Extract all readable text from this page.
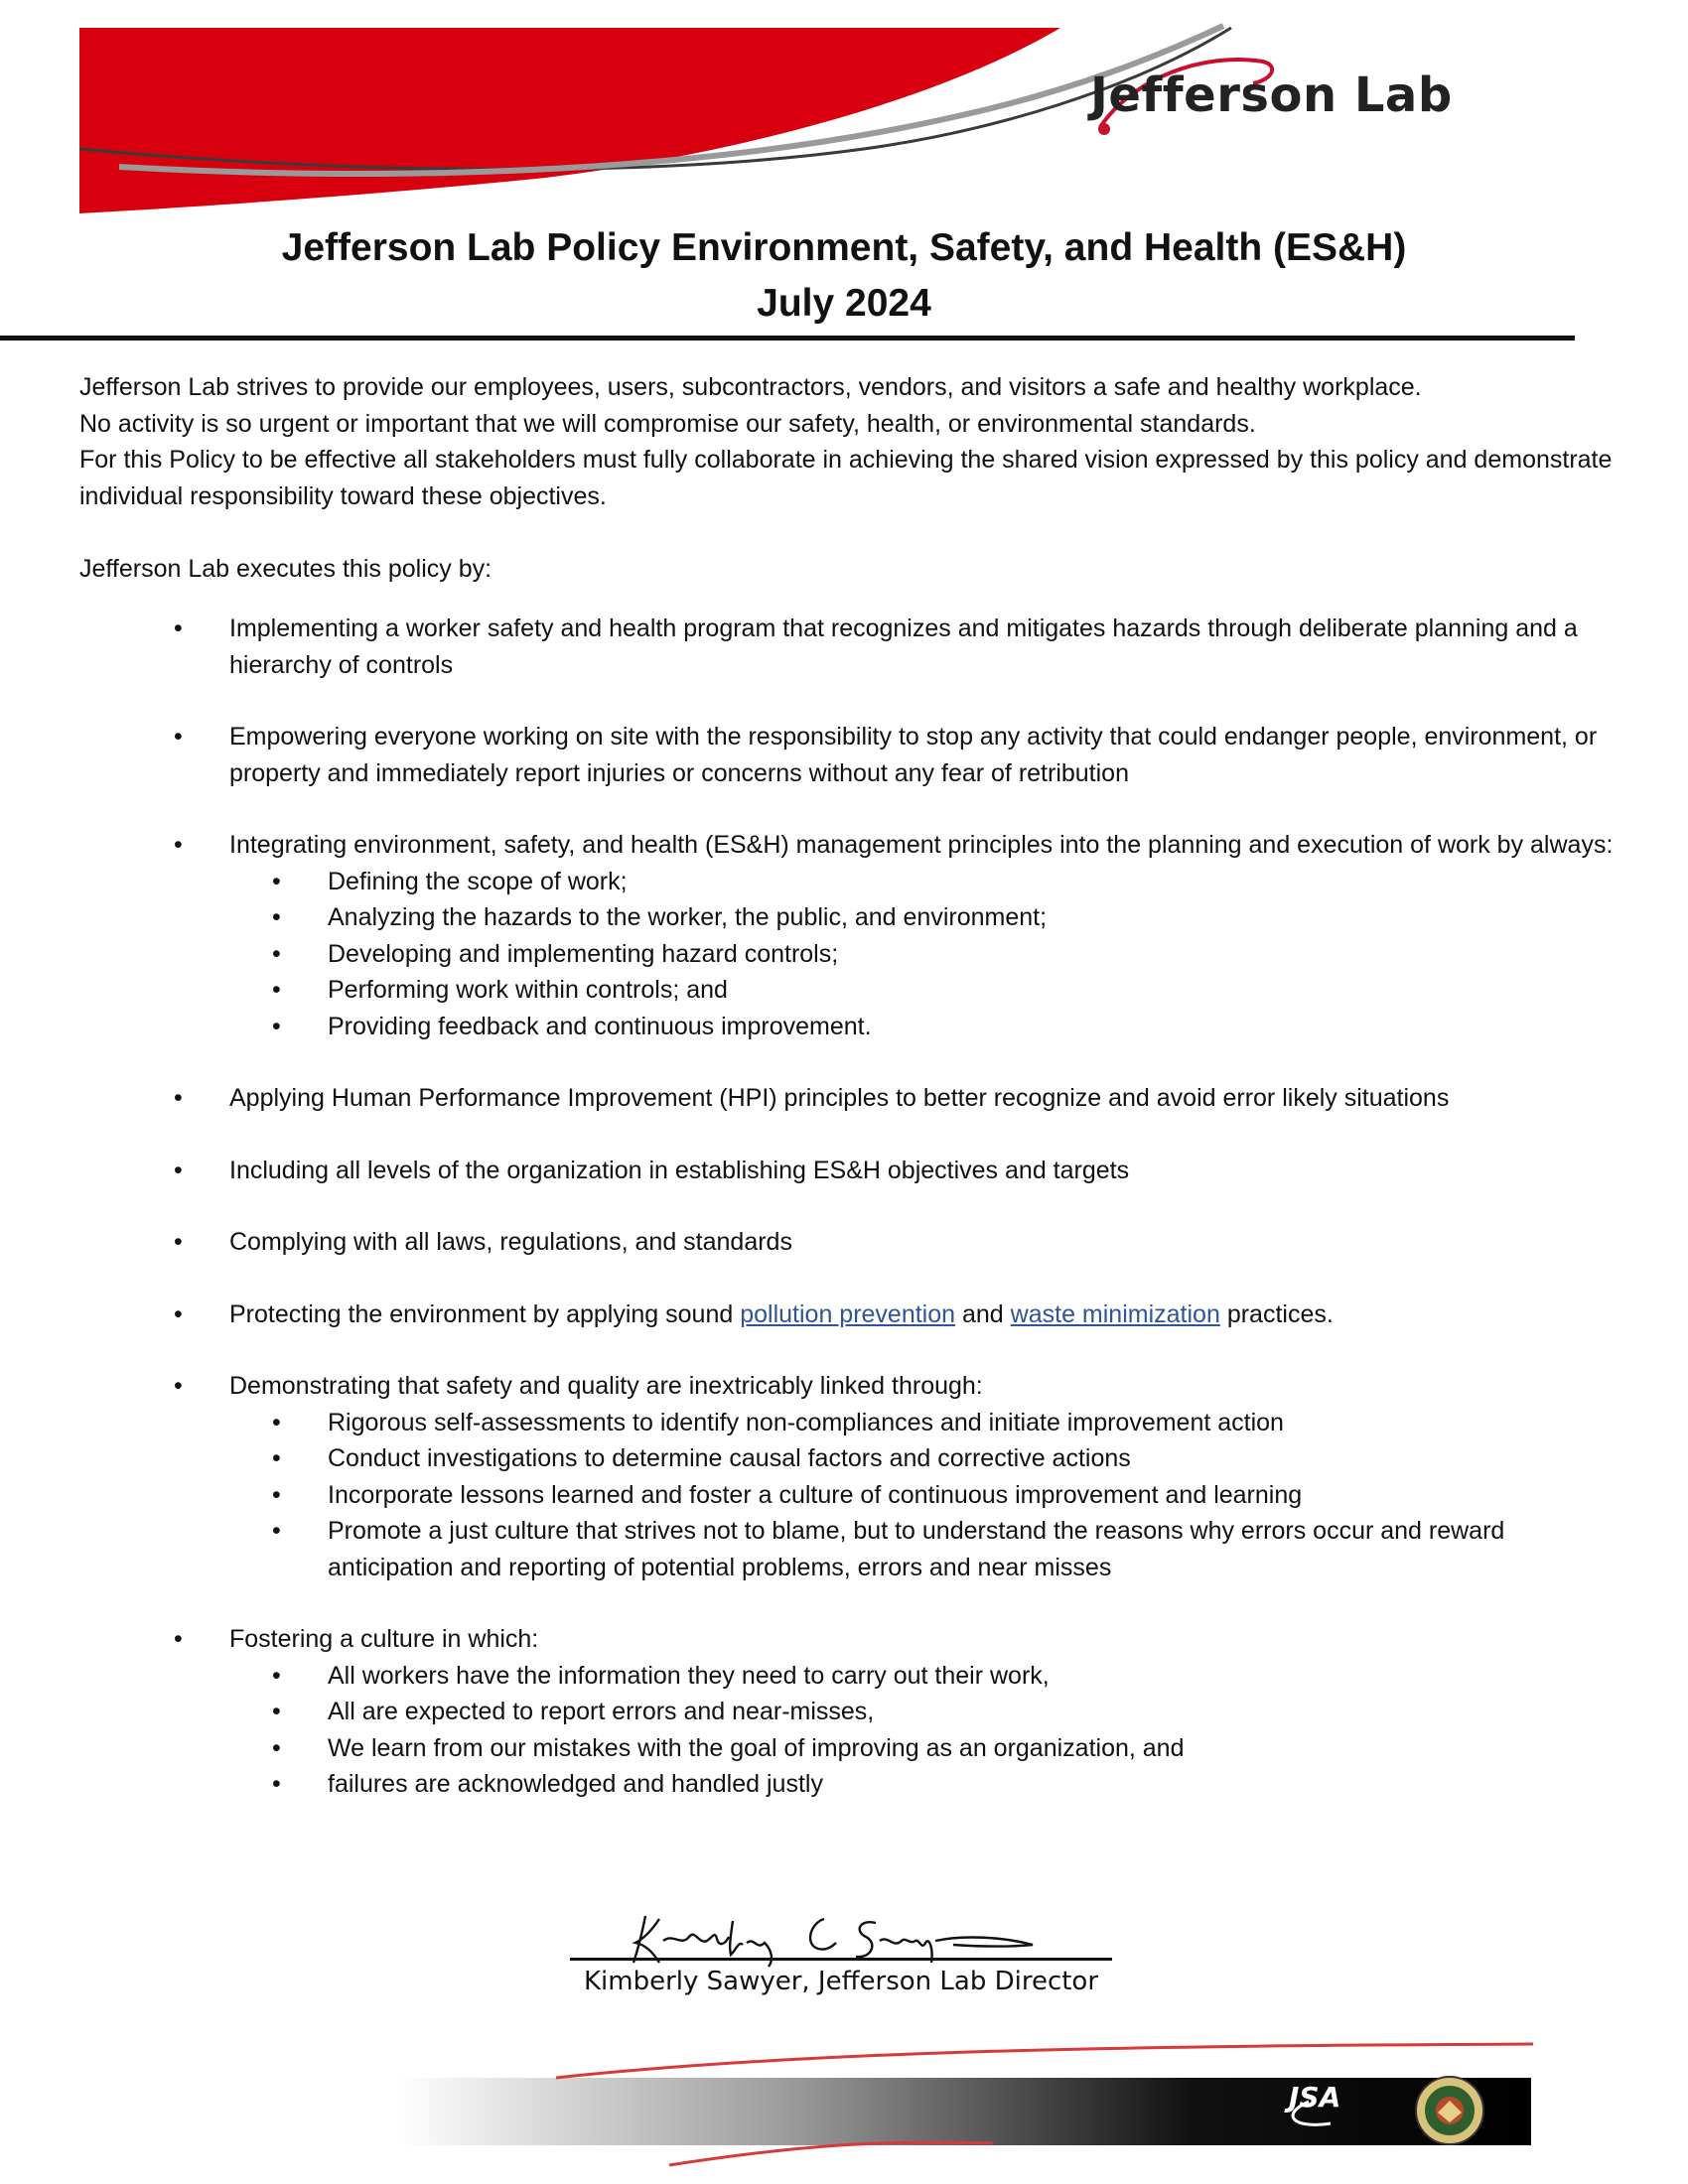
Jefferson Lab
Jefferson Lab Policy Environment, Safety, and Health (ES&H)
July 2024

Jefferson Lab strives to provide our employees, users, subcontractors, vendors, and visitors a safe and healthy workplace.

No activity is so urgent or important that we will compromise our safety, health, or environmental standards.

For this Policy to be effective all stakeholders must fully collaborate in achieving the shared vision expressed by this policy and demonstrate individual responsibility toward these objectives.

Jefferson Lab executes this policy by:

• Implementing a worker safety and health program that recognizes and mitigates hazards through deliberate planning and a hierarchy of controls
• Empowering everyone working on site with the responsibility to stop any activity that could endanger people, environment, or property and immediately report injuries or concerns without any fear of retribution
• Integrating environment, safety, and health (ES&H) management principles into the planning and execution of work by always:
• Defining the scope of work;
• Analyzing the hazards to the worker, the public, and environment;
• Developing and implementing hazard controls;
• Performing work within controls; and
• Providing feedback and continuous improvement.
• Applying Human Performance Improvement (HPI) principles to better recognize and avoid error likely situations
• Including all levels of the organization in establishing ES&H objectives and targets
• Complying with all laws, regulations, and standards
• Protecting the environment by applying sound pollution prevention and waste minimization practices.
• Demonstrating that safety and quality are inextricably linked through:
• Rigorous self-assessments to identify non-compliances and initiate improvement action
• Conduct investigations to determine causal factors and corrective actions
• Incorporate lessons learned and foster a culture of continuous improvement and learning
• Promote a just culture that strives not to blame, but to understand the reasons why errors occur and reward anticipation and reporting of potential problems, errors and near misses
• Fostering a culture in which:
• All workers have the information they need to carry out their work,
• All are expected to report errors and near-misses,
• We learn from our mistakes with the goal of improving as an organization, and
• failures are acknowledged and handled justly
Kimberly Sawyer, Jefferson Lab Director
JSA
